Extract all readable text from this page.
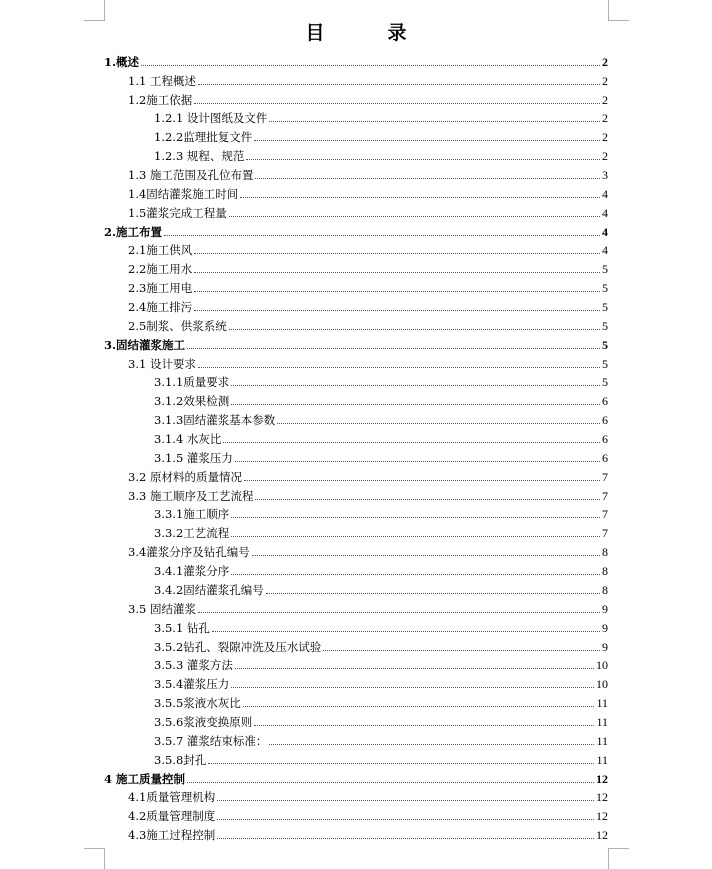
目　录
1.概述	2
1.1 工程概述	2
1.2施工依据	2
1.2.1 设计图纸及文件	2
1.2.2监理批复文件	2
1.2.3 规程、规范	2
1.3 施工范围及孔位布置	3
1.4固结灌浆施工时间	4
1.5灌浆完成工程量	4
2.施工布置	4
2.1施工供风	4
2.2施工用水	5
2.3施工用电	5
2.4施工排污	5
2.5制浆、供浆系统	5
3.固结灌浆施工	5
3.1 设计要求	5
3.1.1质量要求	5
3.1.2效果检测	6
3.1.3固结灌浆基本参数	6
3.1.4 水灰比	6
3.1.5 灌浆压力	6
3.2 原材料的质量情况	7
3.3 施工顺序及工艺流程	7
3.3.1施工顺序	7
3.3.2工艺流程	7
3.4灌浆分序及钻孔编号	8
3.4.1灌浆分序	8
3.4.2固结灌浆孔编号	8
3.5 固结灌浆	9
3.5.1 钻孔	9
3.5.2钻孔、裂隙冲洗及压水试验	9
3.5.3 灌浆方法	10
3.5.4灌浆压力	10
3.5.5浆液水灰比	11
3.5.6浆液变换原则	11
3.5.7 灌浆结束标准：	11
3.5.8封孔	11
4 施工质量控制	12
4.1质量管理机构	12
4.2质量管理制度	12
4.3施工过程控制	12
